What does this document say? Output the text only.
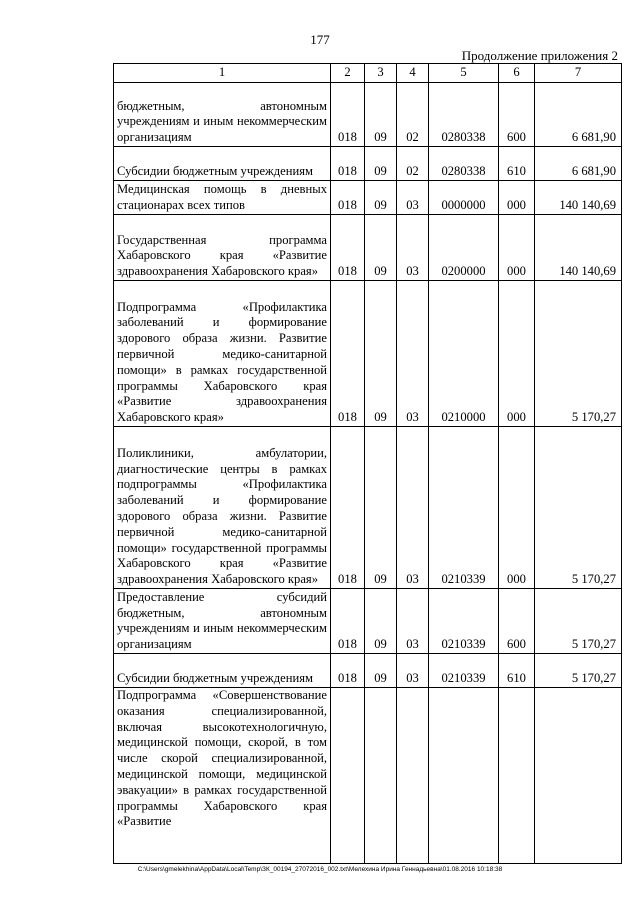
177
Продолжение приложения 2
1	2	3	4	5	6	7
бюджетным, автономным учреждениям и иным некоммерческим организациям	018	09	02	0280338	600	6 681,90
Субсидии бюджетным учреждениям	018	09	02	0280338	610	6 681,90
Медицинская помощь в дневных стационарах всех типов	018	09	03	0000000	000	140 140,69
Государственная программа Хабаровского края «Развитие здравоохранения Хабаровского края»	018	09	03	0200000	000	140 140,69
Подпрограмма «Профилактика заболеваний и формирование здорового образа жизни. Развитие первичной медико-санитарной помощи» в рамках государственной программы Хабаровского края «Развитие здравоохранения Хабаровского края»	018	09	03	0210000	000	5 170,27
Поликлиники, амбулатории, диагностические центры в рамках подпрограммы «Профилактика заболеваний и формирование здорового образа жизни. Развитие первичной медико-санитарной помощи» государственной программы Хабаровского края «Развитие здравоохранения Хабаровского края»	018	09	03	0210339	000	5 170,27
Предоставление субсидий бюджетным, автономным учреждениям и иным некоммерческим организациям	018	09	03	0210339	600	5 170,27
Субсидии бюджетным учреждениям	018	09	03	0210339	610	5 170,27
Подпрограмма «Совершенствование оказания специализированной, включая высокотехнологичную, медицинской помощи, скорой, в том числе скорой специализированной, медицинской помощи, медицинской эвакуации» в рамках государственной программы Хабаровского края «Развитие						
C:\Users\gmelekhina\AppData\Local\Temp\ЗК_00194_27072016_002.txt\Мелехина Ирина Геннадьевна\01.08.2016 10:18:38
